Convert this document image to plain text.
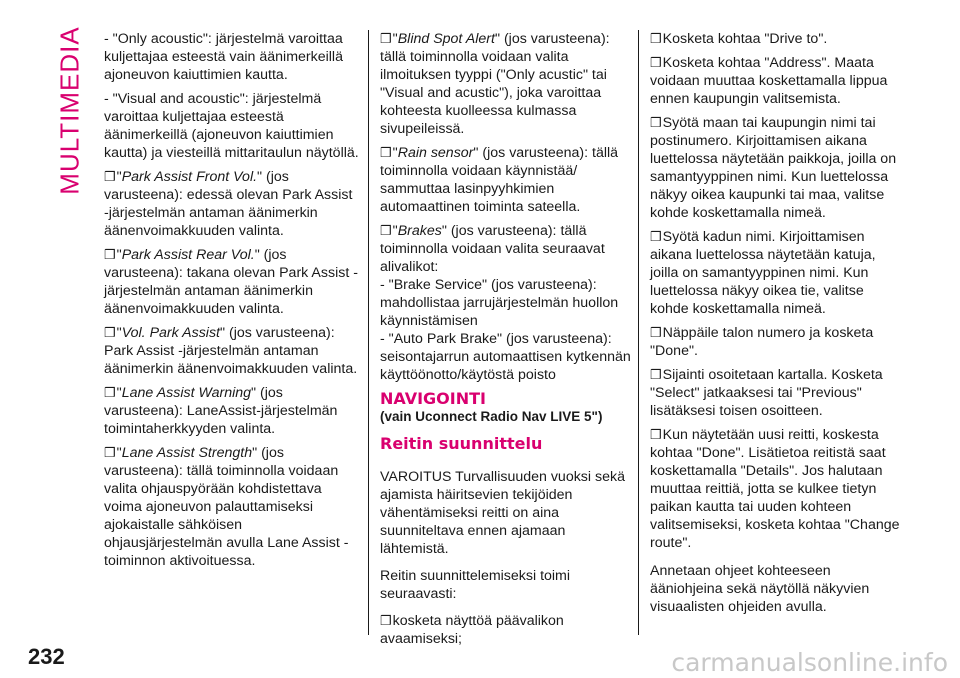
MULTIMEDIA - "Only acoustic": järjestelmä varoittaa kuljettajaa esteestä vain äänimerkeillä ajoneuvon kaiuttimien kautta.

- "Visual and acoustic": järjestelmä varoittaa kuljettajaa esteestä äänimerkeillä (ajoneuvon kaiuttimien kautta) ja viesteillä mittaritaulun näytöllä.

❒"Park Assist Front Vol." (jos varusteena): edessä olevan Park Assist -järjestelmän antaman äänimerkin äänenvoimakkuuden valinta.

❒"Park Assist Rear Vol." (jos varusteena): takana olevan Park Assist -järjestelmän antaman äänimerkin äänenvoimakkuuden valinta.

❒"Vol. Park Assist" (jos varusteena): Park Assist -järjestelmän antaman äänimerkin äänenvoimakkuuden valinta.

❒"Lane Assist Warning" (jos varusteena): LaneAssist-järjestelmän toimintaherkkyyden valinta.

❒"Lane Assist Strength" (jos varusteena): tällä toiminnolla voidaan valita ohjauspyörään kohdistettava voima ajoneuvon palauttamiseksi ajokaistalle sähköisen ohjausjärjestelmän avulla Lane Assist -toiminnon aktivoituessa.

❒"Blind Spot Alert" (jos varusteena): tällä toiminnolla voidaan valita ilmoituksen tyyppi ("Only acustic" tai "Visual and acustic"), joka varoittaa kohteesta kuolleessa kulmassa sivupeileissä.

❒"Rain sensor" (jos varusteena): tällä toiminnolla voidaan käynnistää/ sammuttaa lasinpyyhkimien automaattinen toiminta sateella.

❒"Brakes" (jos varusteena): tällä toiminnolla voidaan valita seuraavat alivalikot:

- "Brake Service" (jos varusteena): mahdollistaa jarrujärjestelmän huollon käynnistämisen

- "Auto Park Brake" (jos varusteena): seisontajarrun automaattisen kytkennän käyttöönotto/käytöstä poisto

NAVIGOINTI
(vain Uconnect Radio Nav LIVE 5")
Reitin suunnittelu

VAROITUS Turvallisuuden vuoksi sekä ajamista häiritsevien tekijöiden vähentämiseksi reitti on aina suunniteltava ennen ajamaan lähtemistä.

Reitin suunnittelemiseksi toimi seuraavasti:

❒kosketa näyttöä päävalikon avaamiseksi;

❒Kosketa kohtaa "Drive to".

❒Kosketa kohtaa "Address". Maata voidaan muuttaa koskettamalla lippua ennen kaupungin valitsemista.

❒Syötä maan tai kaupungin nimi tai postinumero. Kirjoittamisen aikana luettelossa näytetään paikkoja, joilla on samantyyppinen nimi. Kun luettelossa näkyy oikea kaupunki tai maa, valitse kohde koskettamalla nimeä.

❒Syötä kadun nimi. Kirjoittamisen aikana luettelossa näytetään katuja, joilla on samantyyppinen nimi. Kun luettelossa näkyy oikea tie, valitse kohde koskettamalla nimeä.

❒Näppäile talon numero ja kosketa "Done".

❒Sijainti osoitetaan kartalla. Kosketa "Select" jatkaaksesi tai "Previous" lisätäksesi toisen osoitteen.

❒Kun näytetään uusi reitti, koskesta kohtaa "Done". Lisätietoa reitistä saat koskettamalla "Details". Jos halutaan muuttaa reittiä, jotta se kulkee tietyn paikan kautta tai uuden kohteen valitsemiseksi, kosketa kohtaa "Change route".

Annetaan ohjeet kohteeseen ääniohjeina sekä näytöllä näkyvien visuaalisten ohjeiden avulla.

232	carmanualsonline.info
